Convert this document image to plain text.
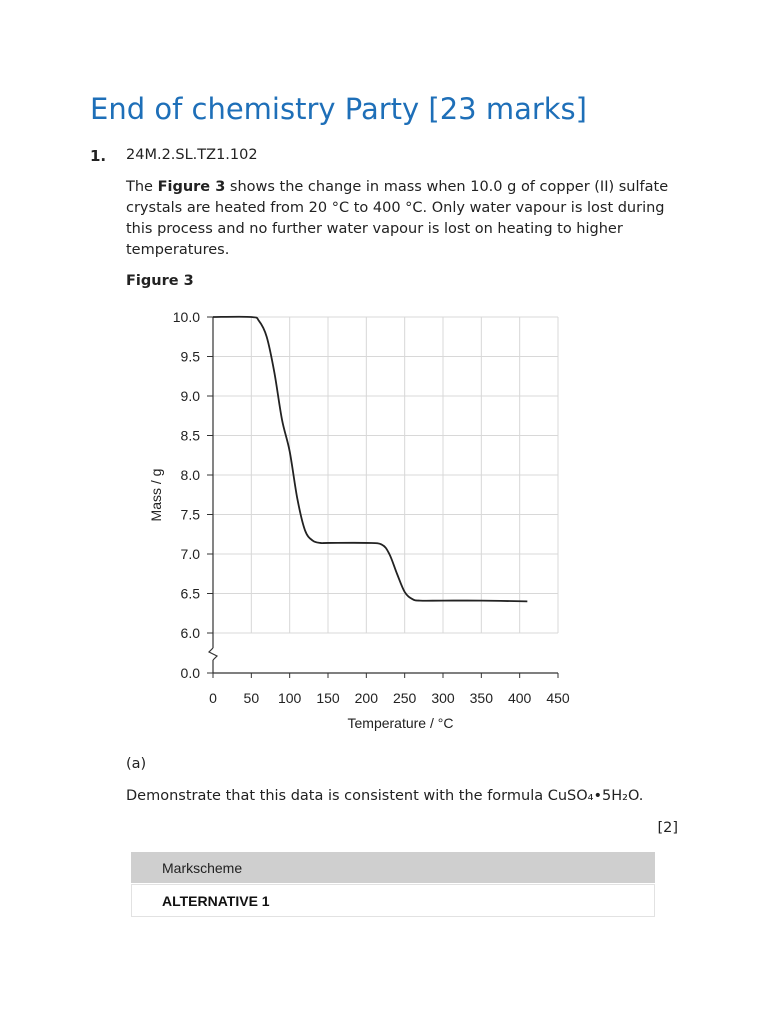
End of chemistry Party [23 marks]
1. 24M.2.SL.TZ1.102

The Figure 3 shows the change in mass when 10.0 g of copper (II) sulfate crystals are heated from 20 °C to 400 °C. Only water vapour is lost during this process and no further water vapour is lost on heating to higher temperatures.

Figure 3
0 50 100 150 200 250 300 350 400 450
0.0
6.0
6.5
7.0
7.5
8.0
8.5
9.0
9.5
10.0
Temperature / °C
Mass / g
(a)
Demonstrate that this data is consistent with the formula CuSO₄•5H₂O.
[2]
Markscheme
ALTERNATIVE 1
